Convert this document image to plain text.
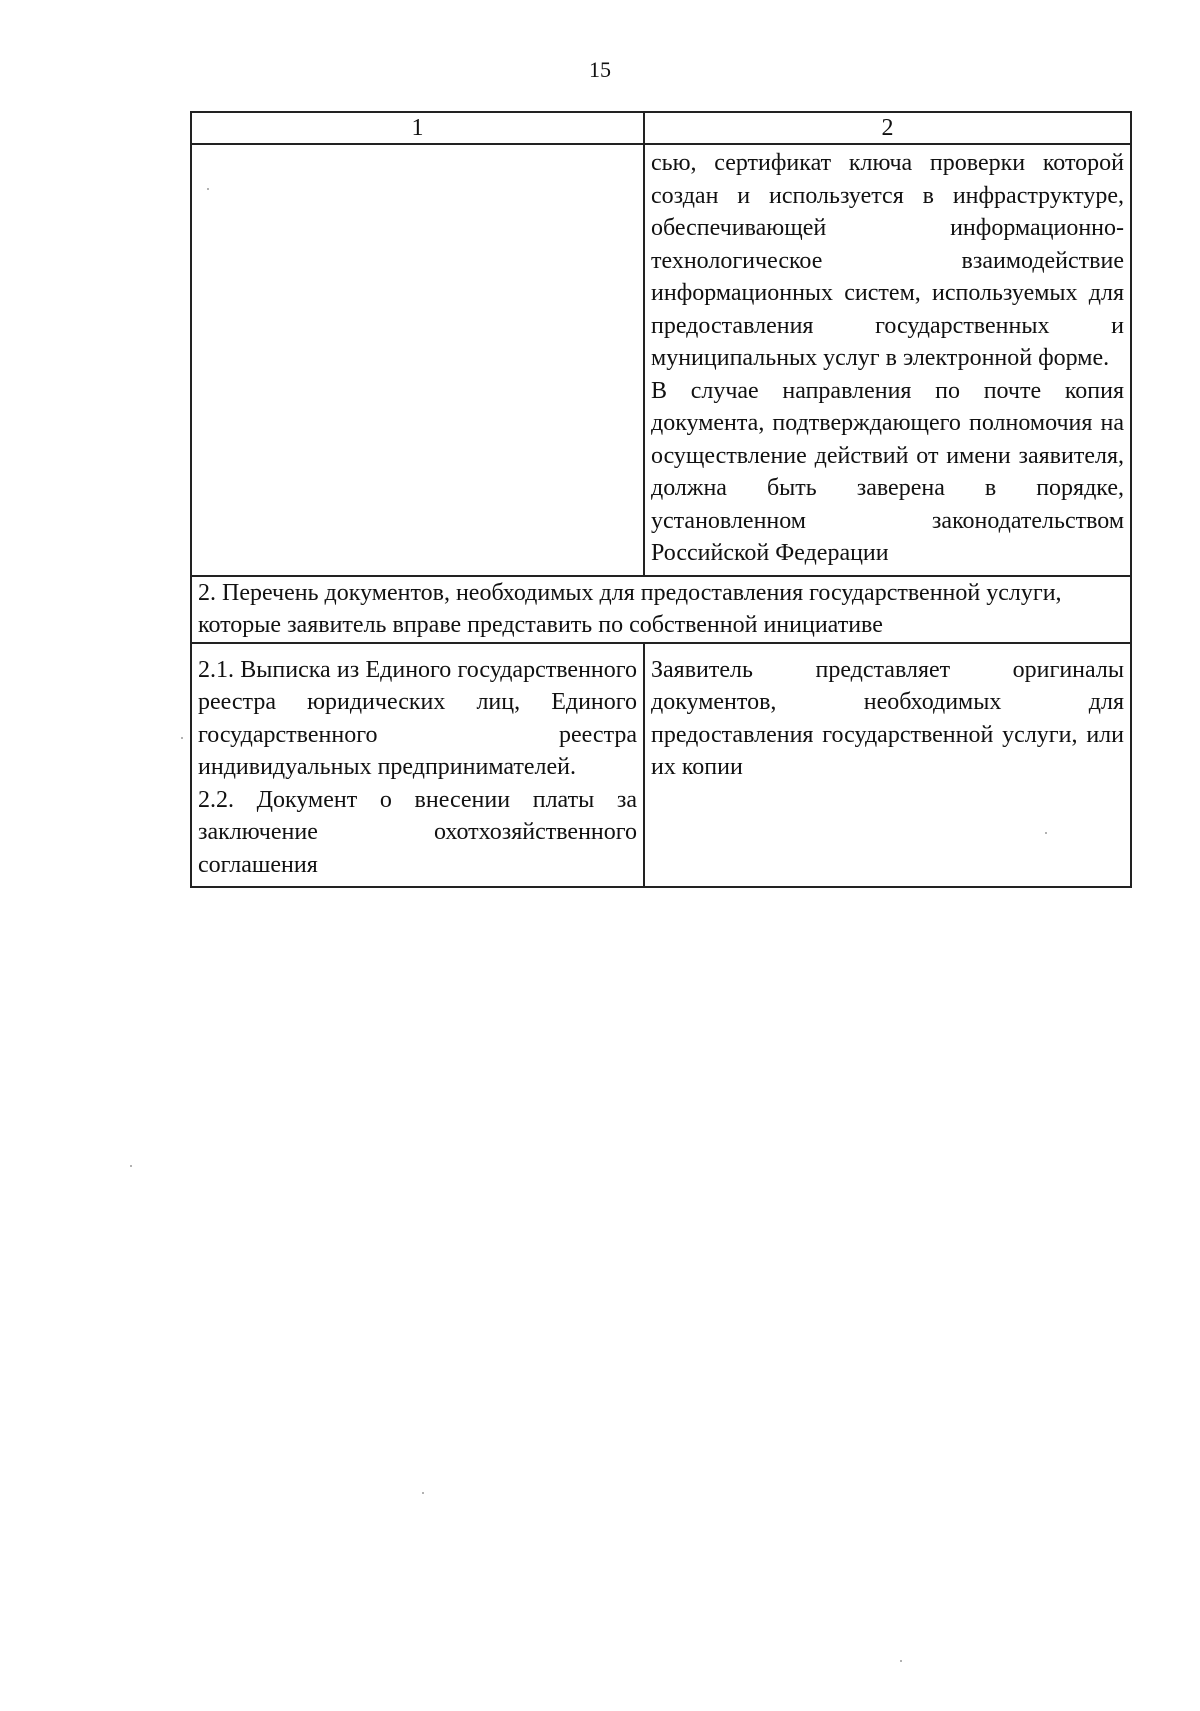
15
1	2

	сью, сертификат ключа проверки которой создан и используется в инфраструктуре, обеспечивающей информационно-технологическое взаимодействие информационных систем, используемых для предоставления государственных и муниципальных услуг в электронной форме.
В случае направления по почте копия документа, подтверждающего полномочия на осуществление действий от имени заявителя, должна быть заверена в порядке, установленном законодательством Российской Федерации

2. Перечень документов, необходимых для предоставления государственной услуги, которые заявитель вправе представить по собственной инициативе	

2.1. Выписка из Единого государственного реестра юридических лиц, Единого государственного реестра индивидуальных предпринимателей.
2.2. Документ о внесении платы за заключение охотхозяйственного соглашения	Заявитель представляет оригиналы документов, необходимых для предоставления государственной услуги, или их копии
